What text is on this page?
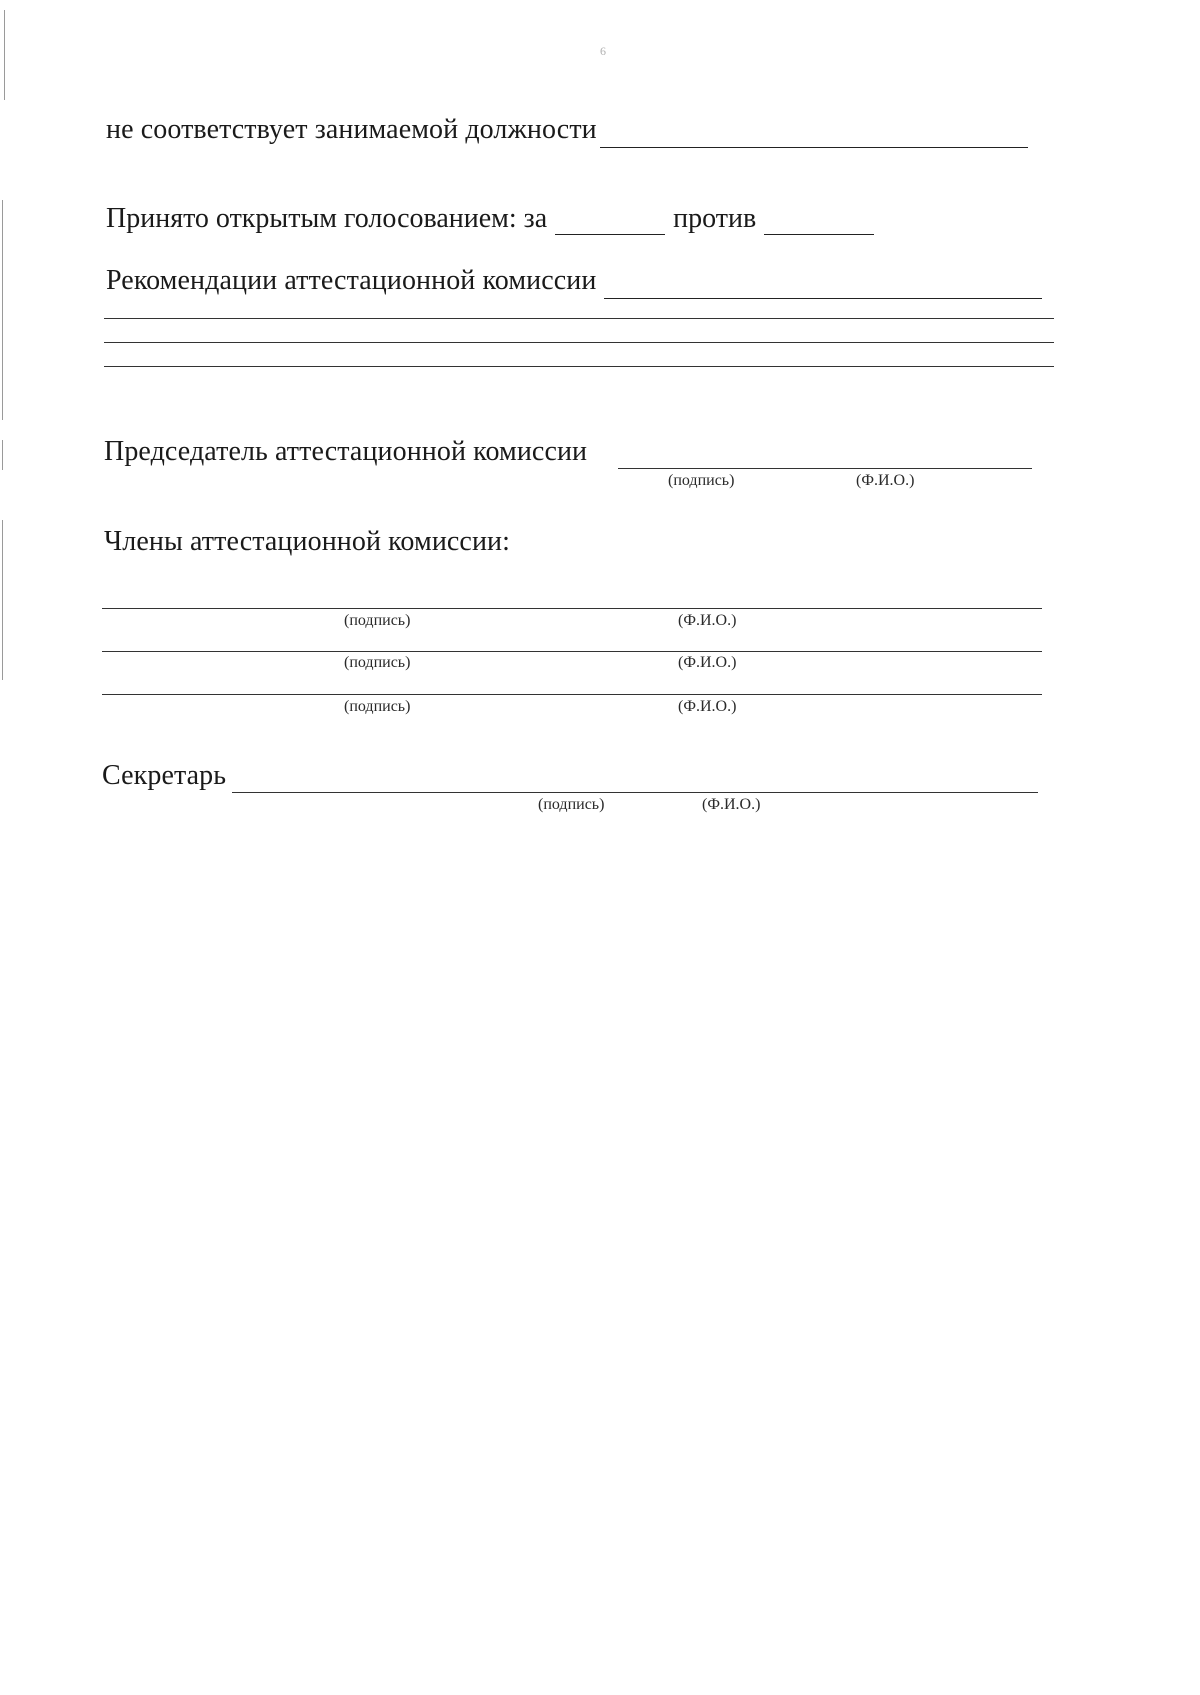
6
не соответствует занимаемой должности
Принято открытым голосованием: за	против
Рекомендации аттестационной комиссии
Председатель аттестационной комиссии
(подпись)	(Ф.И.О.)
Члены аттестационной комиссии:
(подпись)	(Ф.И.О.)
(подпись)	(Ф.И.О.)
(подпись)	(Ф.И.О.)
Секретарь
(подпись)	(Ф.И.О.)
